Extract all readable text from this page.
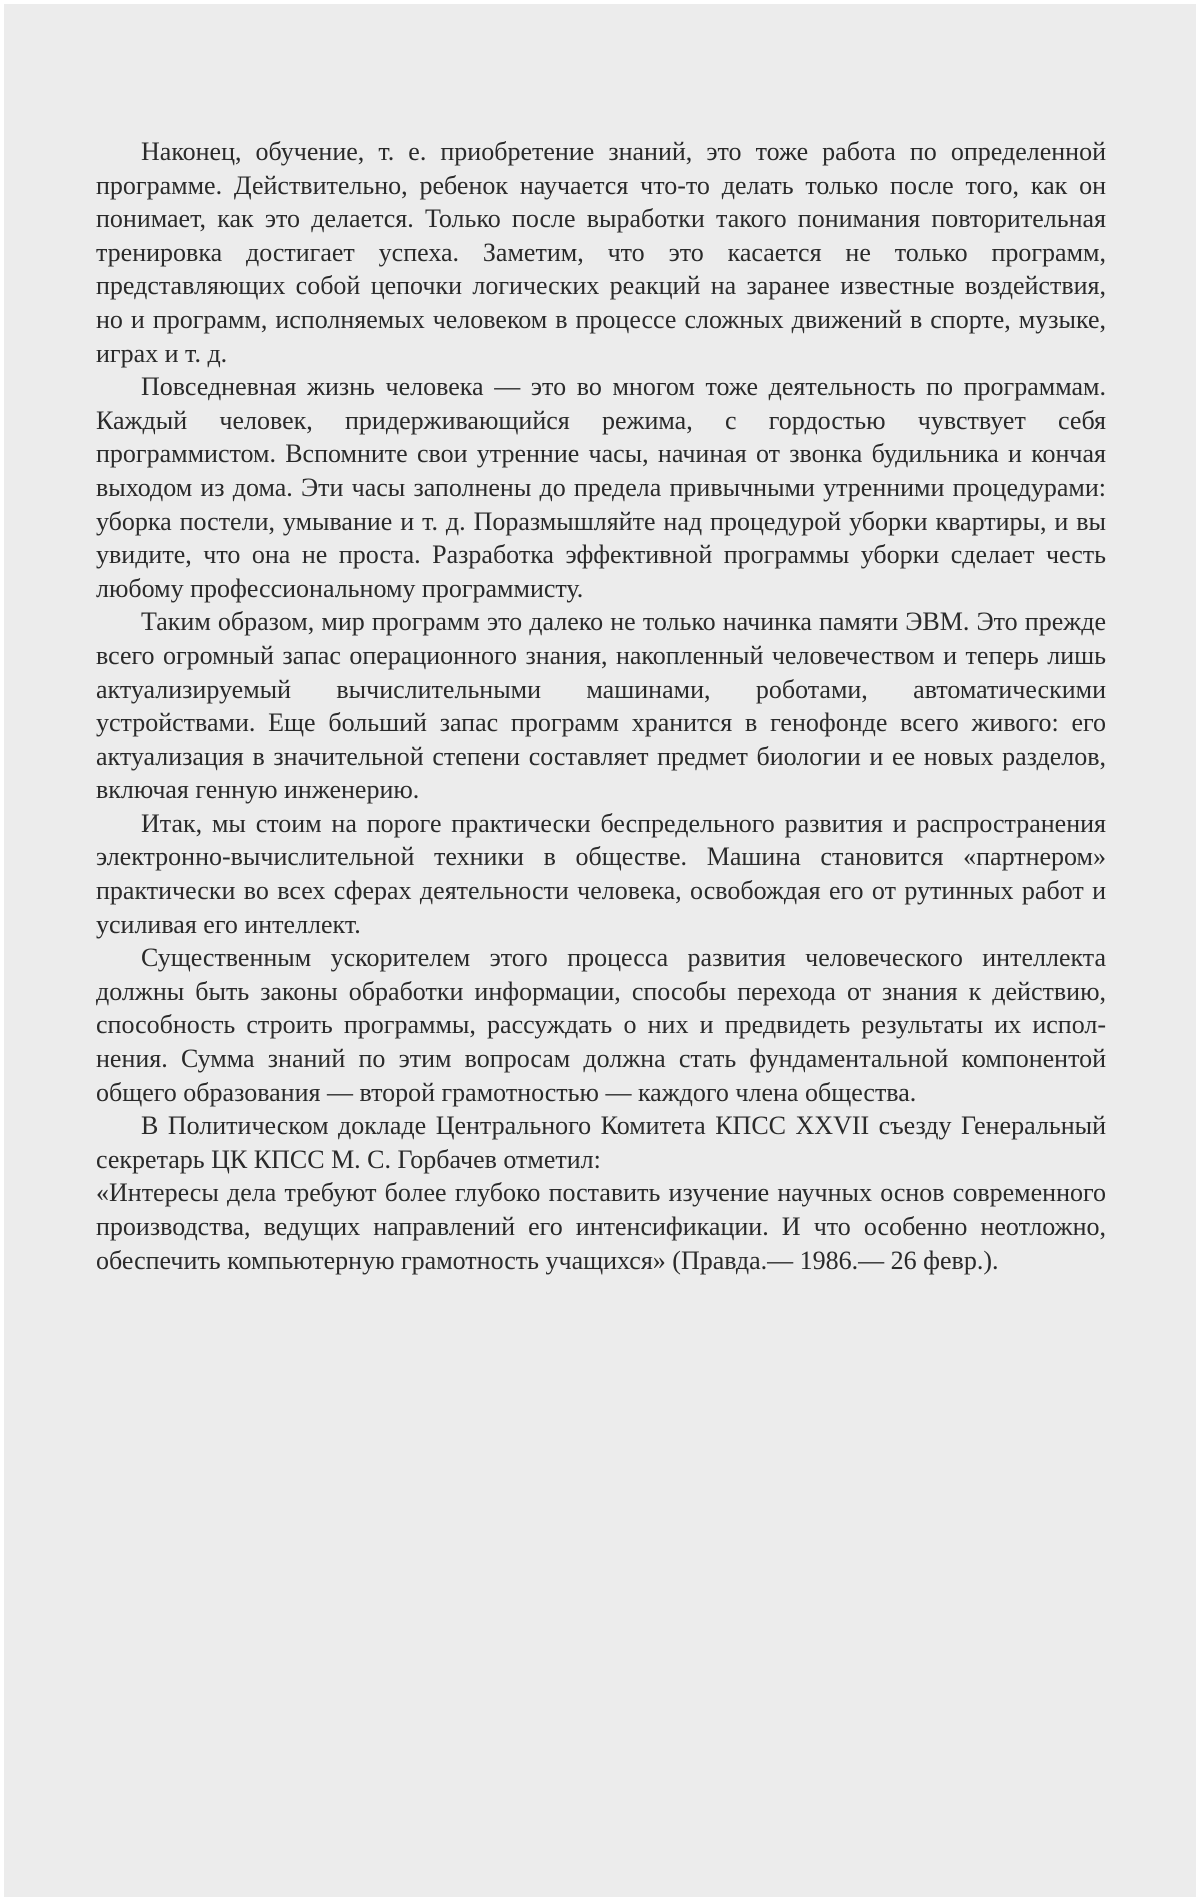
Наконец, обучение, т. е. приобретение знаний, это тоже работа по определенной программе. Действительно, ребенок научается что-то делать только после того, как он понимает, как это делается. Только после выработки такого понимания повторительная тренировка достигает успеха. Заметим, что это касается не только программ, представляющих собой цепочки логических реакций на заранее известные воздействия, но и программ, исполняемых человеком в процессе сложных движений в спорте, музыке, играх и т. д.

Повседневная жизнь человека — это во многом тоже деятельность по программам. Каждый человек, придерживающийся режима, с гордостью чувствует себя программистом. Вспомните свои утренние часы, начиная от звонка будильника и кончая выходом из дома. Эти часы заполнены до предела привычными утренними процедурами: уборка постели, умывание и т. д. Поразмышляйте над процедурой уборки квартиры, и вы увидите, что она не проста. Разработка эффективной программы уборки сделает честь любому профессиональному программисту.

Таким образом, мир программ это далеко не только начинка памяти ЭВМ. Это прежде всего огромный запас операционного знания, накопленный человечеством и теперь лишь актуализируемый вычислительными машинами, роботами, автоматическими устройствами. Еще больший запас программ хранится в генофонде всего живого: его актуализация в значительной степени составляет предмет биологии и ее новых разделов, включая генную инженерию.

Итак, мы стоим на пороге практически беспредельного развития и распространения электронно-вычислительной техники в обществе. Машина становится «партнером» практически во всех сферах деятельности человека, освобождая его от рутинных работ и усиливая его интеллект.

Существенным ускорителем этого процесса развития человеческого интеллекта должны быть законы обработки информации, способы перехода от знания к действию, способность строить программы, рассуждать о них и предвидеть результаты их исполнения. Сумма знаний по этим вопросам должна стать фундаментальной компонентой общего образования — второй грамотностью — каждого члена общества.

В Политическом докладе Центрального Комитета КПСС XXVII съезду Генеральный секретарь ЦК КПСС М. С. Горбачев отметил:

«Интересы дела требуют более глубоко поставить изучение научных основ современного производства, ведущих направлений его интенсификации. И что особенно неотложно, обеспечить компьютерную грамотность учащихся» (Правда.— 1986.— 26 февр.).
